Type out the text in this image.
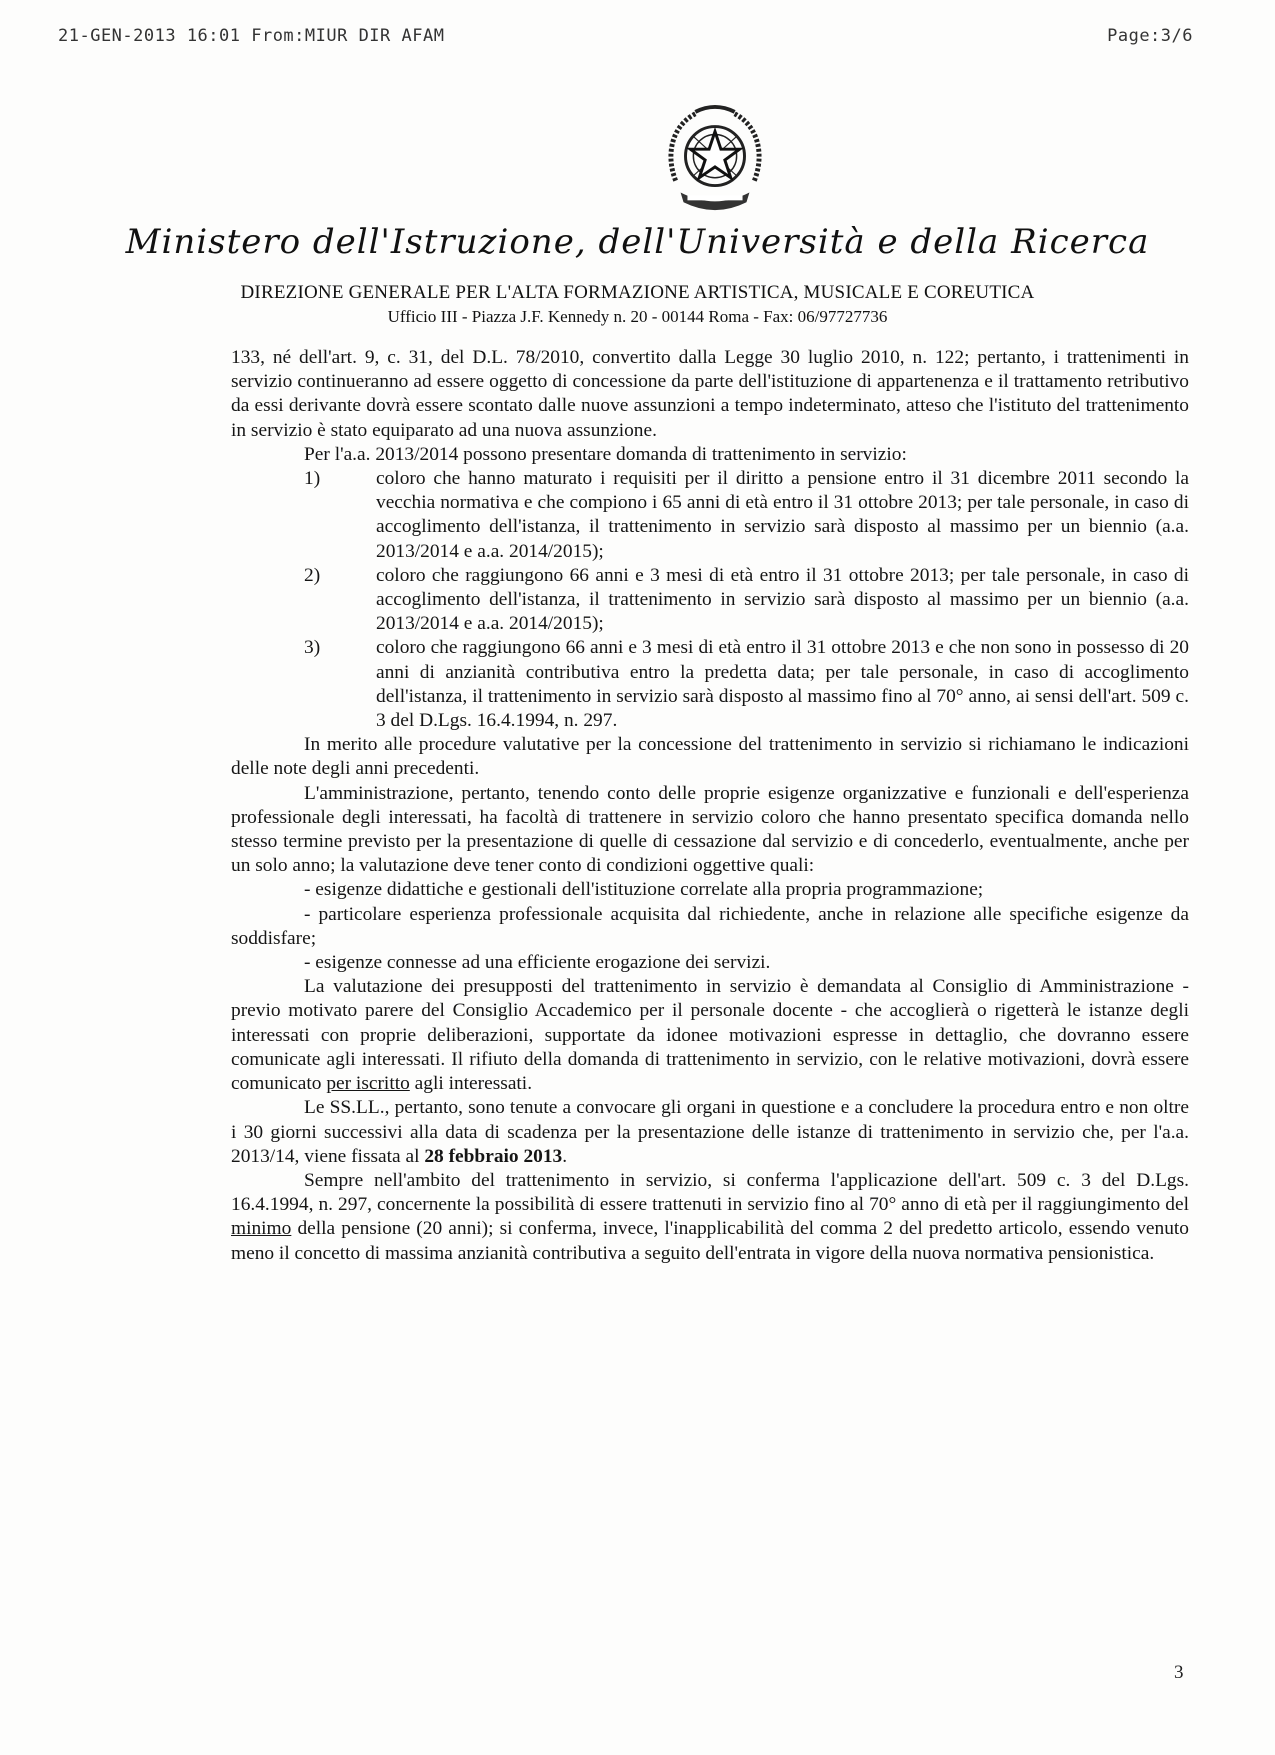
21-GEN-2013 16:01 From:MIUR DIR AFAM	Page:3/6
Ministero dell'Istruzione, dell'Università e della Ricerca
DIREZIONE GENERALE PER L'ALTA FORMAZIONE ARTISTICA, MUSICALE E COREUTICA
Ufficio III - Piazza J.F. Kennedy n. 20 - 00144 Roma - Fax: 06/97727736

133, né dell'art. 9, c. 31, del D.L. 78/2010, convertito dalla Legge 30 luglio 2010, n. 122; pertanto, i trattenimenti in servizio continueranno ad essere oggetto di concessione da parte dell'istituzione di appartenenza e il trattamento retributivo da essi derivante dovrà essere scontato dalle nuove assunzioni a tempo indeterminato, atteso che l'istituto del trattenimento in servizio è stato equiparato ad una nuova assunzione.

Per l'a.a. 2013/2014 possono presentare domanda di trattenimento in servizio:

1)	coloro che hanno maturato i requisiti per il diritto a pensione entro il 31 dicembre 2011 secondo la vecchia normativa e che compiono i 65 anni di età entro il 31 ottobre 2013; per tale personale, in caso di accoglimento dell'istanza, il trattenimento in servizio sarà disposto al massimo per un biennio (a.a. 2013/2014 e a.a. 2014/2015);
2)	coloro che raggiungono 66 anni e 3 mesi di età entro il 31 ottobre 2013; per tale personale, in caso di accoglimento dell'istanza, il trattenimento in servizio sarà disposto al massimo per un biennio (a.a. 2013/2014 e a.a. 2014/2015);
3)	coloro che raggiungono 66 anni e 3 mesi di età entro il 31 ottobre 2013 e che non sono in possesso di 20 anni di anzianità contributiva entro la predetta data; per tale personale, in caso di accoglimento dell'istanza, il trattenimento in servizio sarà disposto al massimo fino al 70° anno, ai sensi dell'art. 509 c. 3 del D.Lgs. 16.4.1994, n. 297.

In merito alle procedure valutative per la concessione del trattenimento in servizio si richiamano le indicazioni delle note degli anni precedenti.

L'amministrazione, pertanto, tenendo conto delle proprie esigenze organizzative e funzionali e dell'esperienza professionale degli interessati, ha facoltà di trattenere in servizio coloro che hanno presentato specifica domanda nello stesso termine previsto per la presentazione di quelle di cessazione dal servizio e di concederlo, eventualmente, anche per un solo anno; la valutazione deve tener conto di condizioni oggettive quali:

- esigenze didattiche e gestionali dell'istituzione correlate alla propria programmazione;

- particolare esperienza professionale acquisita dal richiedente, anche in relazione alle specifiche esigenze da soddisfare;

- esigenze connesse ad una efficiente erogazione dei servizi.

La valutazione dei presupposti del trattenimento in servizio è demandata al Consiglio di Amministrazione - previo motivato parere del Consiglio Accademico per il personale docente - che accoglierà o rigetterà le istanze degli interessati con proprie deliberazioni, supportate da idonee motivazioni espresse in dettaglio, che dovranno essere comunicate agli interessati. Il rifiuto della domanda di trattenimento in servizio, con le relative motivazioni, dovrà essere comunicato per iscritto agli interessati.

Le SS.LL., pertanto, sono tenute a convocare gli organi in questione e a concludere la procedura entro e non oltre i 30 giorni successivi alla data di scadenza per la presentazione delle istanze di trattenimento in servizio che, per l'a.a. 2013/14, viene fissata al 28 febbraio 2013.

Sempre nell'ambito del trattenimento in servizio, si conferma l'applicazione dell'art. 509 c. 3 del D.Lgs. 16.4.1994, n. 297, concernente la possibilità di essere trattenuti in servizio fino al 70° anno di età per il raggiungimento del minimo della pensione (20 anni); si conferma, invece, l'inapplicabilità del comma 2 del predetto articolo, essendo venuto meno il concetto di massima anzianità contributiva a seguito dell'entrata in vigore della nuova normativa pensionistica.

3
